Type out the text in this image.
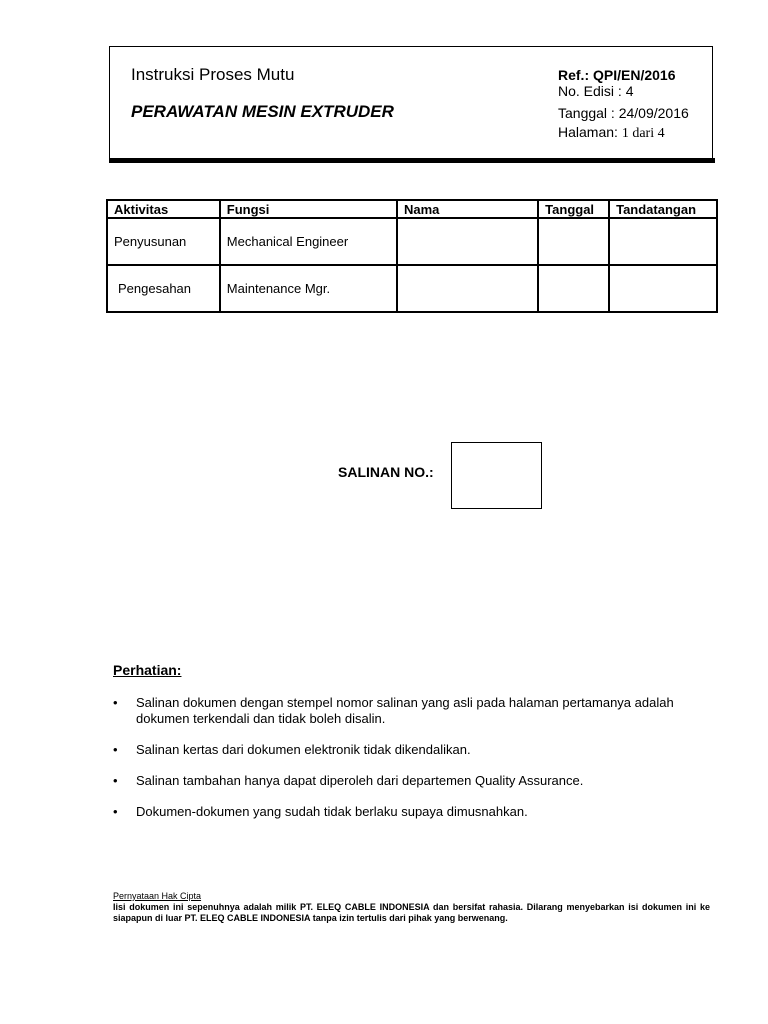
Instruksi Proses Mutu
PERAWATAN MESIN EXTRUDER
Ref.: QPI/EN/2016
No. Edisi : 4
Tanggal : 24/09/2016
Halaman: 1 dari 4
Aktivitas	Fungsi	Nama	Tanggal	Tandatangan
Penyusunan	Mechanical Engineer			
Pengesahan	Maintenance Mgr.			
SALINAN NO.:
Perhatian:
• Salinan dokumen dengan stempel nomor salinan yang asli pada halaman pertamanya adalah dokumen terkendali dan tidak boleh disalin.
• Salinan kertas dari dokumen elektronik tidak dikendalikan.
• Salinan tambahan hanya dapat diperoleh dari departemen Quality Assurance.
• Dokumen-dokumen yang sudah tidak berlaku supaya dimusnahkan.
Pernyataan Hak Cipta
Iisi dokumen ini sepenuhnya adalah milik PT. ELEQ CABLE INDONESIA dan bersifat rahasia. Dilarang menyebarkan isi dokumen ini ke siapapun di luar PT. ELEQ CABLE INDONESIA tanpa izin tertulis dari pihak yang berwenang.
